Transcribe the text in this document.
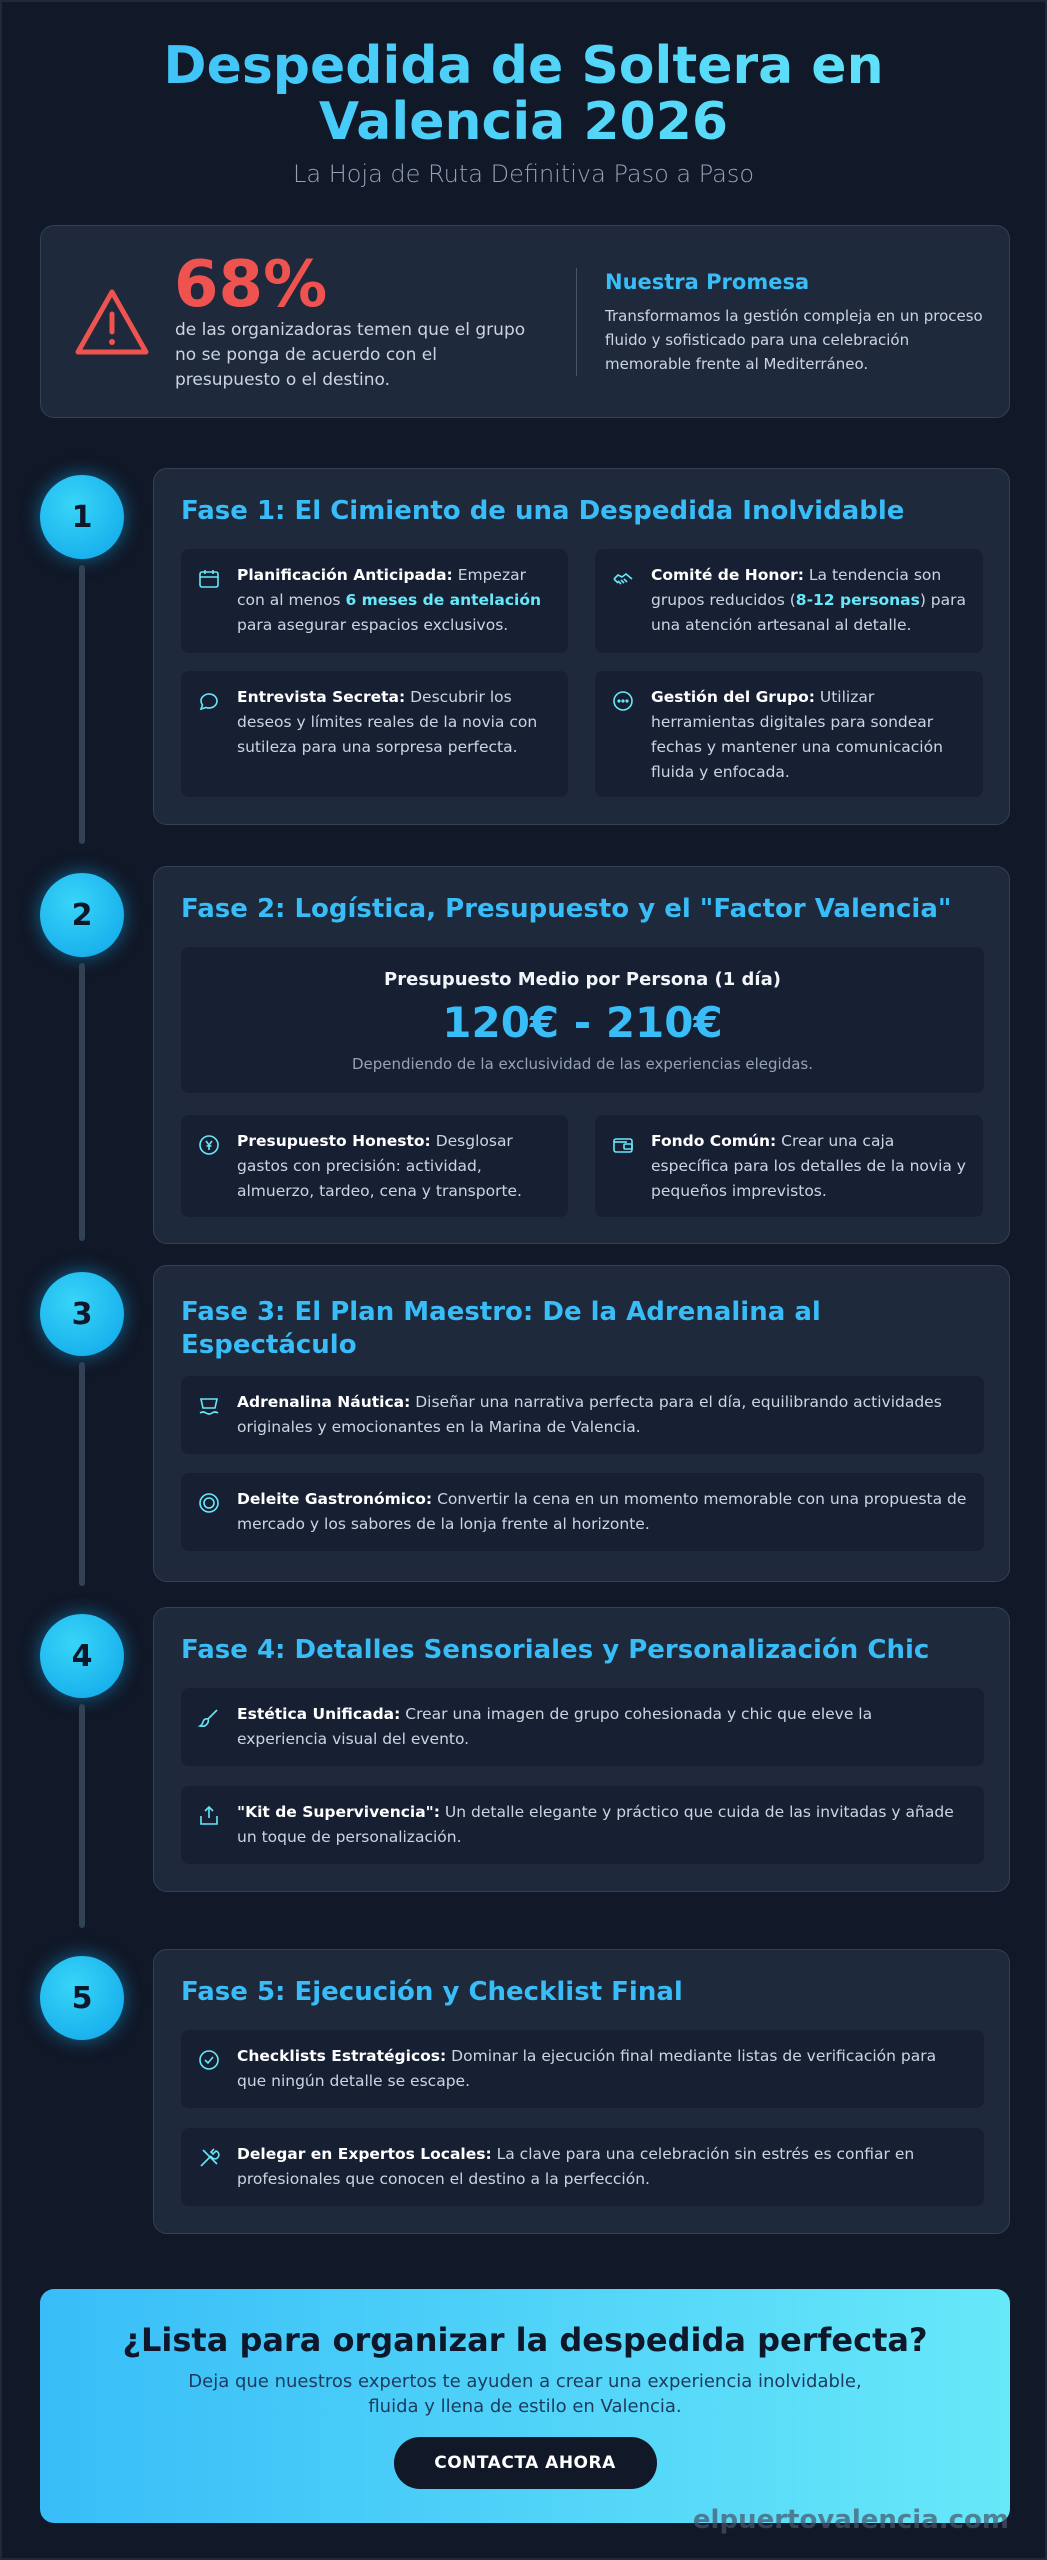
Despedida de Soltera en Valencia 2026
La Hoja de Ruta Definitiva Paso a Paso
68%
de las organizadoras temen que el grupo no se ponga de acuerdo con el presupuesto o el destino.
Nuestra Promesa
Transformamos la gestión compleja en un proceso fluido y sofisticado para una celebración memorable frente al Mediterráneo.
1	Fase 1: El Cimiento de una Despedida Inolvidable
Planificación Anticipada: Empezar con al menos 6 meses de antelación para asegurar espacios exclusivos.
Comité de Honor: La tendencia son grupos reducidos (8-12 personas) para una atención artesanal al detalle.
Entrevista Secreta: Descubrir los deseos y límites reales de la novia con sutileza para una sorpresa perfecta.
Gestión del Grupo: Utilizar herramientas digitales para sondear fechas y mantener una comunicación fluida y enfocada.
2	Fase 2: Logística, Presupuesto y el "Factor Valencia"
Presupuesto Medio por Persona (1 día)
120€ - 210€
Dependiendo de la exclusividad de las experiencias elegidas.
Presupuesto Honesto: Desglosar gastos con precisión: actividad, almuerzo, tardeo, cena y transporte.
Fondo Común: Crear una caja específica para los detalles de la novia y pequeños imprevistos.
3	Fase 3: El Plan Maestro: De la Adrenalina al Espectáculo
Adrenalina Náutica: Diseñar una narrativa perfecta para el día, equilibrando actividades originales y emocionantes en la Marina de Valencia.
Deleite Gastronómico: Convertir la cena en un momento memorable con una propuesta de mercado y los sabores de la lonja frente al horizonte.
4	Fase 4: Detalles Sensoriales y Personalización Chic
Estética Unificada: Crear una imagen de grupo cohesionada y chic que eleve la experiencia visual del evento.
"Kit de Supervivencia": Un detalle elegante y práctico que cuida de las invitadas y añade un toque de personalización.
5	Fase 5: Ejecución y Checklist Final
Checklists Estratégicos: Dominar la ejecución final mediante listas de verificación para que ningún detalle se escape.
Delegar en Expertos Locales: La clave para una celebración sin estrés es confiar en profesionales que conocen el destino a la perfección.
¿Lista para organizar la despedida perfecta?
Deja que nuestros expertos te ayuden a crear una experiencia inolvidable, fluida y llena de estilo en Valencia.
CONTACTA AHORA
elpuertovalencia.com
